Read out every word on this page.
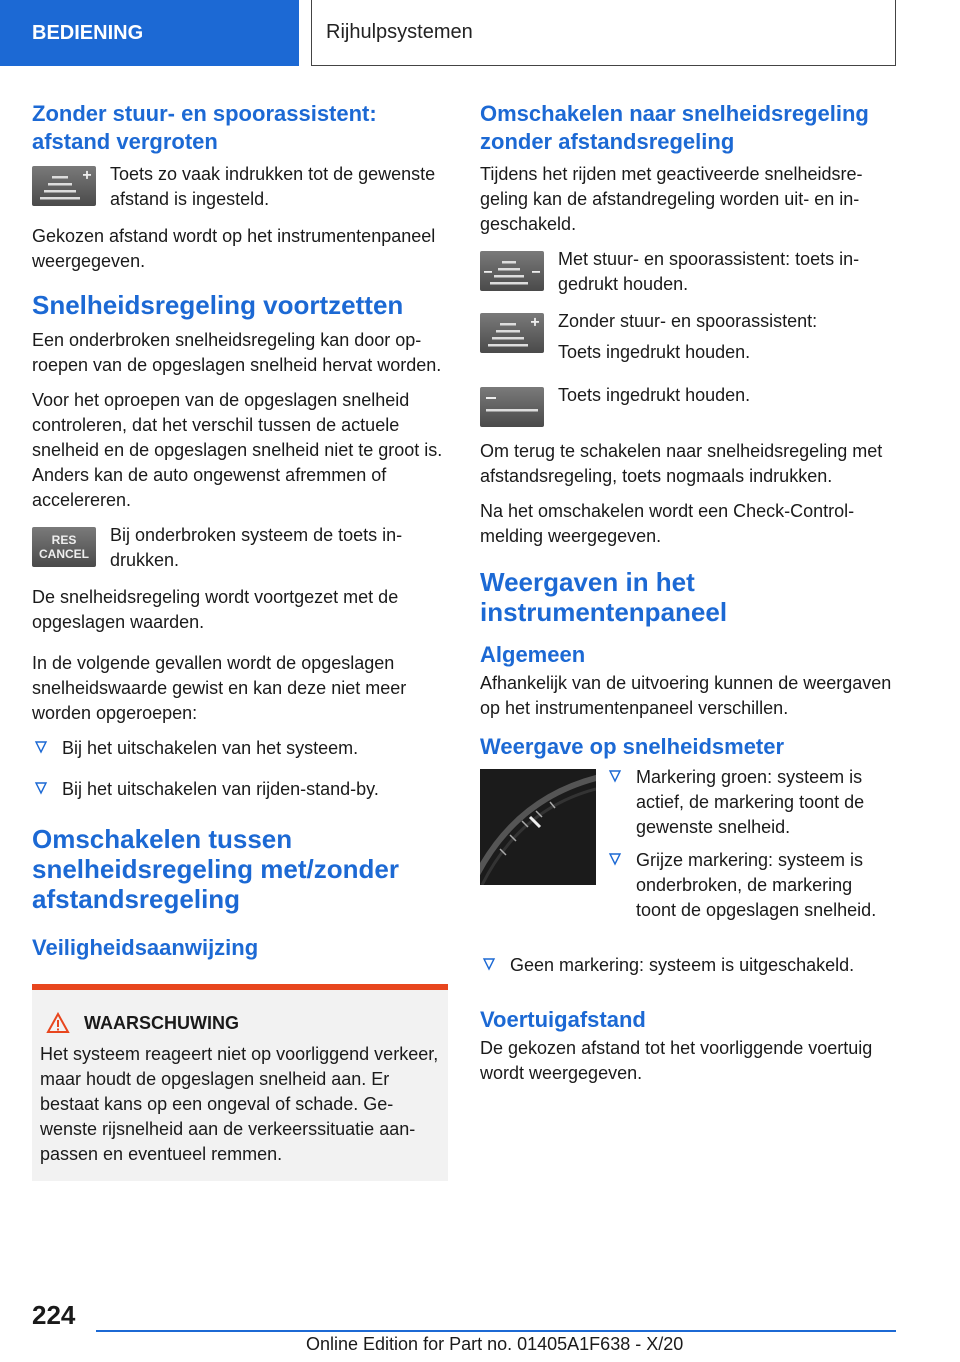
BEDIENING	Rijhulpsystemen
Zonder stuur- en spoorassistent: afstand vergroten
Toets zo vaak indrukken tot de gewenste afstand is ingesteld.

Gekozen afstand wordt op het instrumentenpaneel weergegeven.

Snelheidsregeling voortzetten

Een onderbroken snelheidsregeling kan door oproepen van de opgeslagen snelheid hervat worden.

Voor het oproepen van de opgeslagen snelheid controleren, dat het verschil tussen de actuele snelheid en de opgeslagen snelheid niet te groot is. Anders kan de auto ongewenst afremmen of accelereren.

RES
CANCEL
Bij onderbroken systeem de toets indrukken.

De snelheidsregeling wordt voortgezet met de opgeslagen waarden.

In de volgende gevallen wordt de opgeslagen snelheidswaarde gewist en kan deze niet meer worden opgeroepen:

Bij het uitschakelen van het systeem.
Bij het uitschakelen van rijden-stand-by.
Omschakelen tussen snelheidsregeling met/zonder afstandsregeling
Veiligheidsaanwijzing
WAARSCHUWING

Het systeem reageert niet op voorliggend verkeer, maar houdt de opgeslagen snelheid aan. Er bestaat kans op een ongeval of schade. Gewenste rijsnelheid aan de verkeerssituatie aanpassen en eventueel remmen.

Omschakelen naar snelheidsregeling zonder afstandsregeling

Tijdens het rijden met geactiveerde snelheidsregeling kan de afstandregeling worden uit- en ingeschakeld.

Met stuur- en spoorassistent: toets ingedrukt houden.

Zonder stuur- en spoorassistent:

Toets ingedrukt houden.

Toets ingedrukt houden.

Om terug te schakelen naar snelheidsregeling met afstandsregeling, toets nogmaals indrukken.

Na het omschakelen wordt een Check-Control-melding weergegeven.

Weergaven in het instrumentenpaneel
Algemeen

Afhankelijk van de uitvoering kunnen de weergaven op het instrumentenpaneel verschillen.

Weergave op snelheidsmeter
Markering groen: systeem is actief, de markering toont de gewenste snelheid.
Grijze markering: systeem is onderbroken, de markering toont de opgeslagen snelheid.
Geen markering: systeem is uitgeschakeld.
Voertuigafstand

De gekozen afstand tot het voorliggende voertuig wordt weergegeven.

224
Online Edition for Part no. 01405A1F638 - X/20
